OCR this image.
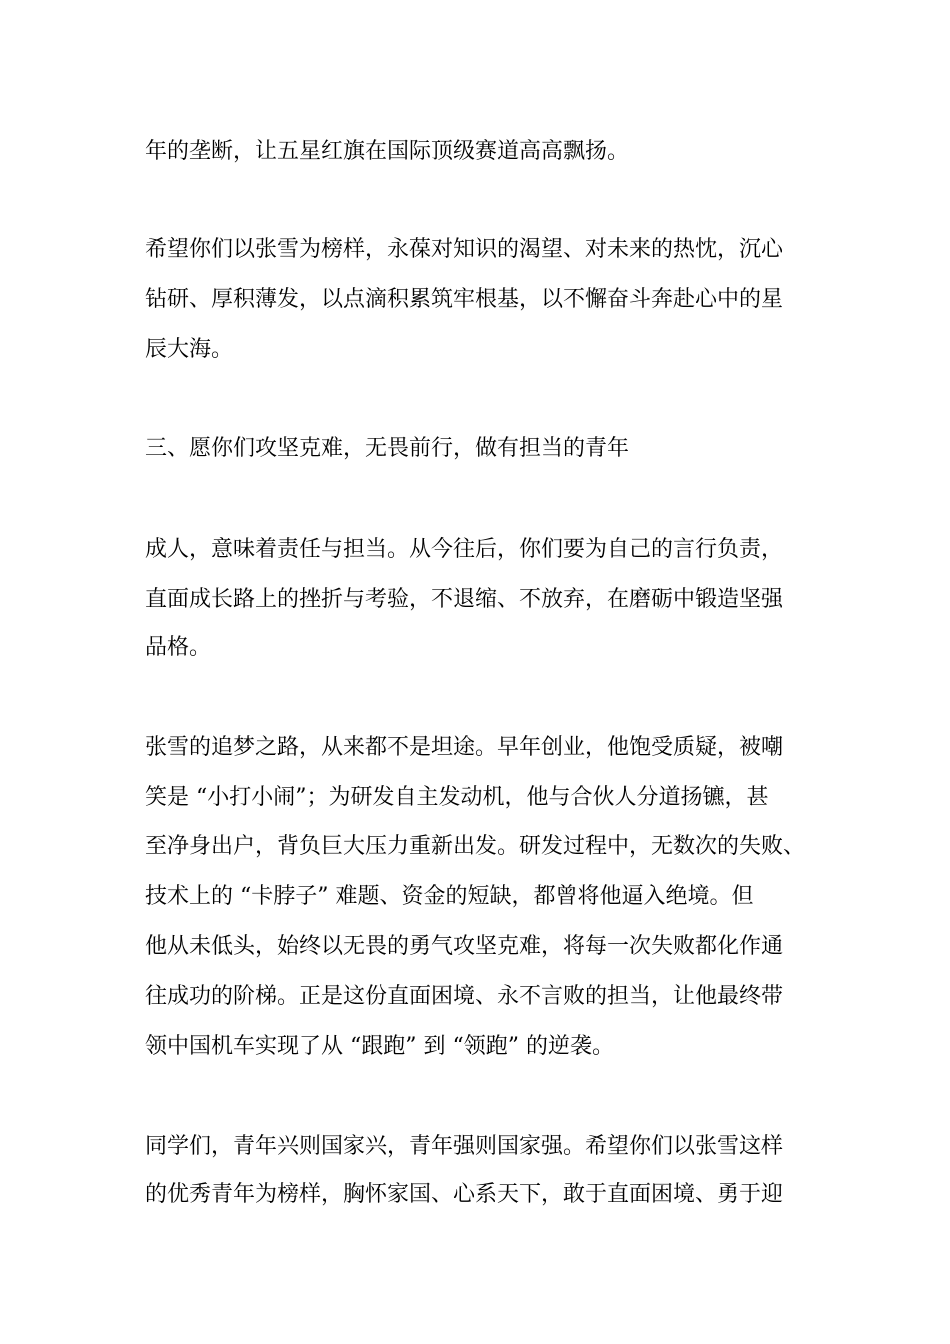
年的垄断，让五星红旗在国际顶级赛道高高飘扬。
希望你们以张雪为榜样，永葆对知识的渴望、对未来的热忱，沉心
钻研、厚积薄发，以点滴积累筑牢根基，以不懈奋斗奔赴心中的星
辰大海。
三、愿你们攻坚克难，无畏前行，做有担当的青年
成人，意味着责任与担当。从今往后，你们要为自己的言行负责，
直面成长路上的挫折与考验，不退缩、不放弃，在磨砺中锻造坚强
品格。
张雪的追梦之路，从来都不是坦途。早年创业，他饱受质疑，被嘲
笑是 “小打小闹”；为研发自主发动机，他与合伙人分道扬镳，甚
至净身出户，背负巨大压力重新出发。研发过程中，无数次的失败、
技术上的 “卡脖子” 难题、资金的短缺，都曾将他逼入绝境。但
他从未低头，始终以无畏的勇气攻坚克难，将每一次失败都化作通
往成功的阶梯。正是这份直面困境、永不言败的担当，让他最终带
领中国机车实现了从 “跟跑” 到 “领跑” 的逆袭。
同学们，青年兴则国家兴，青年强则国家强。希望你们以张雪这样
的优秀青年为榜样，胸怀家国、心系天下，敢于直面困境、勇于迎
